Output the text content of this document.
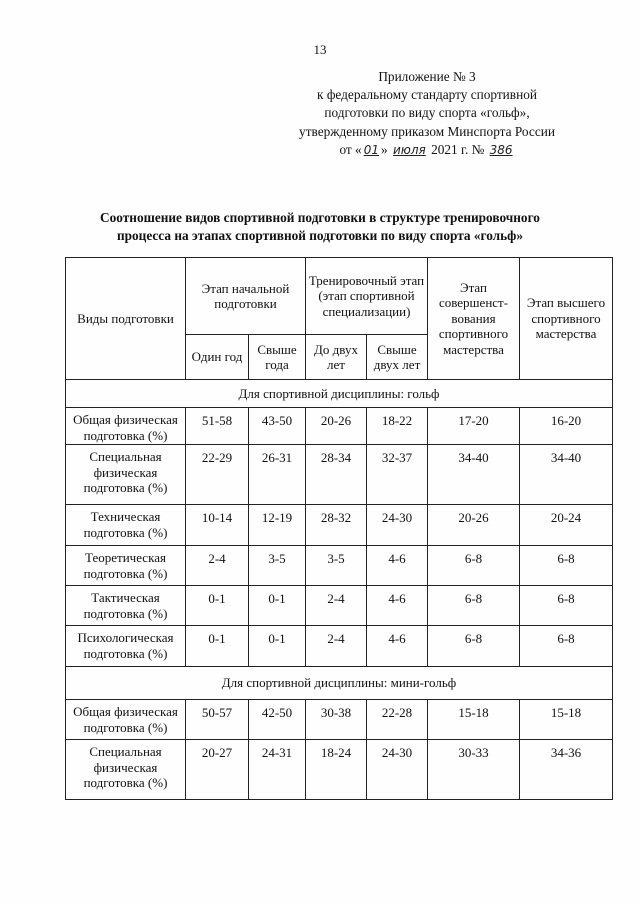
13
Приложение № 3
к федеральному стандарту спортивной
подготовки по виду спорта «гольф»,
утвержденному приказом Минспорта России
от « 01 » июля 2021 г. № 386
Соотношение видов спортивной подготовки в структуре тренировочного
процесса на этапах спортивной подготовки по виду спорта «гольф»
Виды подготовки	Этап начальной подготовки		Тренировочный этап (этап спортивной специализации)		Этап совершенст-вования спортивного мастерства	Этап высшего спортивного мастерства
	Один год	Свыше года	До двух лет	Свыше двух лет		
Для спортивной дисциплины: гольф						
Общая физическая подготовка (%)	51-58	43-50	20-26	18-22	17-20	16-20
Специальная физическая подготовка (%)	22-29	26-31	28-34	32-37	34-40	34-40
Техническая подготовка (%)	10-14	12-19	28-32	24-30	20-26	20-24
Теоретическая подготовка (%)	2-4	3-5	3-5	4-6	6-8	6-8
Тактическая подготовка (%)	0-1	0-1	2-4	4-6	6-8	6-8
Психологическая подготовка (%)	0-1	0-1	2-4	4-6	6-8	6-8
Для спортивной дисциплины: мини-гольф						
Общая физическая подготовка (%)	50-57	42-50	30-38	22-28	15-18	15-18
Специальная физическая подготовка (%)	20-27	24-31	18-24	24-30	30-33	34-36
